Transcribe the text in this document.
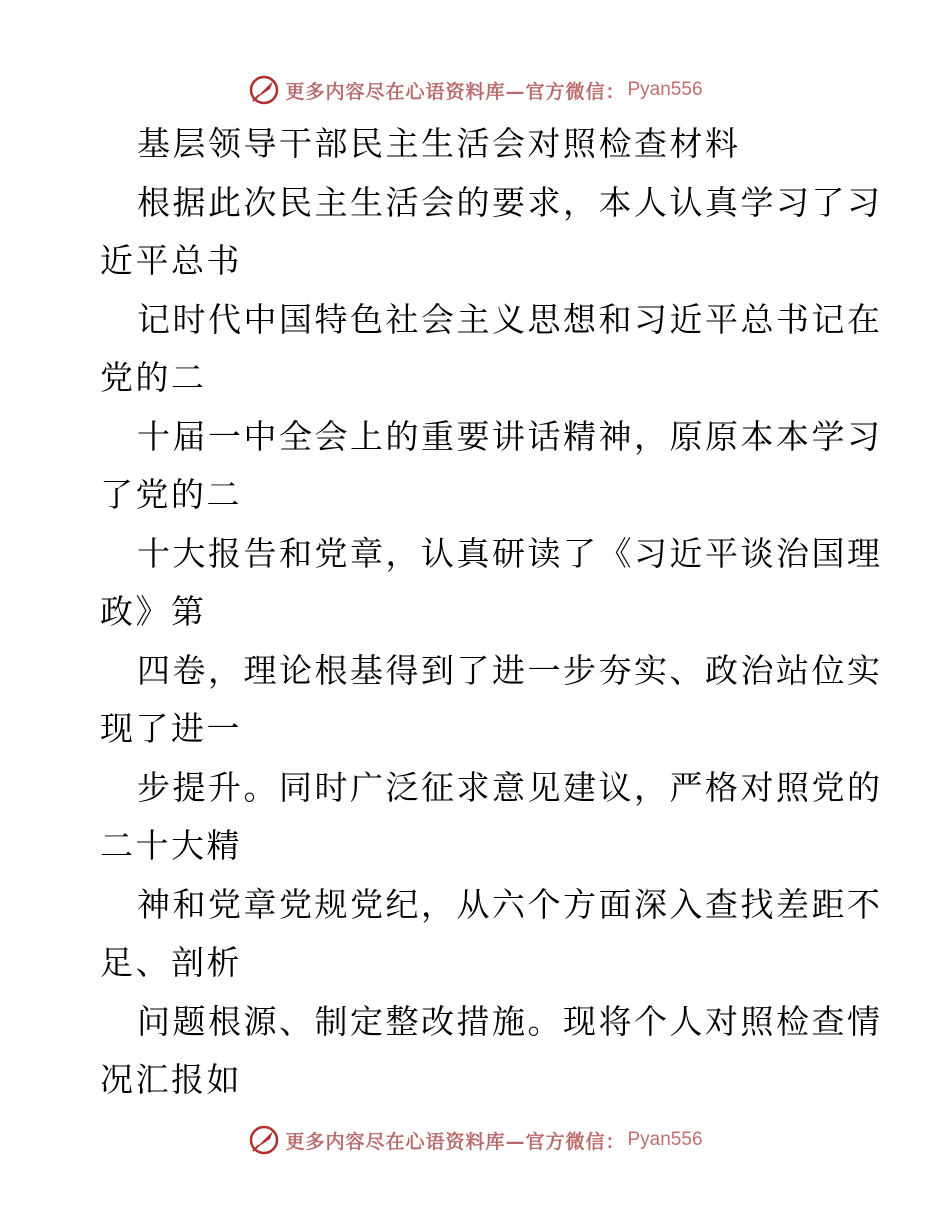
更多内容尽在心语资料库—官方微信： Pyan556

基层领导干部民主生活会对照检查材料

根据此次民主生活会的要求，本人认真学习了习

近平总书

记时代中国特色社会主义思想和习近平总书记在

党的二

十届一中全会上的重要讲话精神，原原本本学习

了党的二

十大报告和党章，认真研读了《习近平谈治国理

政》第

四卷，理论根基得到了进一步夯实、政治站位实

现了进一

步提升。同时广泛征求意见建议，严格对照党的

二十大精

神和党章党规党纪，从六个方面深入查找差距不

足、剖析

问题根源、制定整改措施。现将个人对照检查情

况汇报如

更多内容尽在心语资料库—官方微信： Pyan556
